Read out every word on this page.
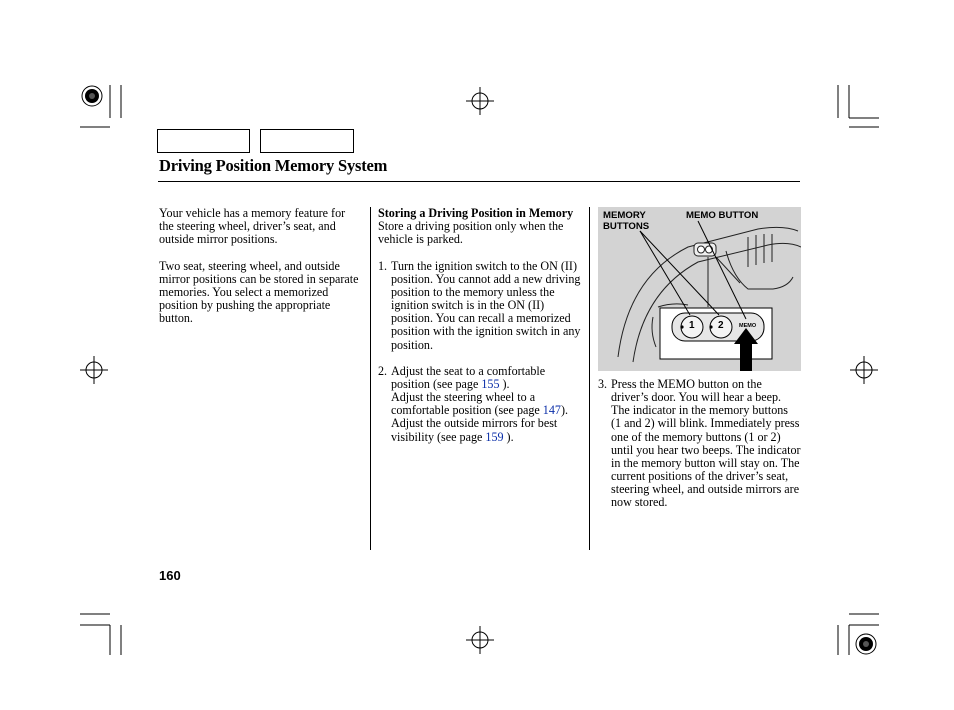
Driving Position Memory System

Your vehicle has a memory feature for the steering wheel, driver’s seat, and outside mirror positions.

Two seat, steering wheel, and outside mirror positions can be stored in separate memories. You select a memorized position by pushing the appropriate button.

Storing a Driving Position in Memory

Store a driving position only when the vehicle is parked.

1. Turn the ignition switch to the ON (II) position. You cannot add a new driving position to the memory unless the ignition switch is in the ON (II) position. You can recall a memorized position with the ignition switch in any position.
2. Adjust the seat to a comfortable position (see page 155 ).

Adjust the steering wheel to a comfortable position (see page 147).

Adjust the outside mirrors for best visibility (see page 159 ).

MEMORY
BUTTONS
MEMO BUTTON
1 2	MEMO
3. Press the MEMO button on the driver’s door. You will hear a beep. The indicator in the memory buttons (1 and 2) will blink. Immediately press one of the memory buttons (1 or 2) until you hear two beeps. The indicator in the memory button will stay on. The current positions of the driver’s seat, steering wheel, and outside mirrors are now stored.
160
